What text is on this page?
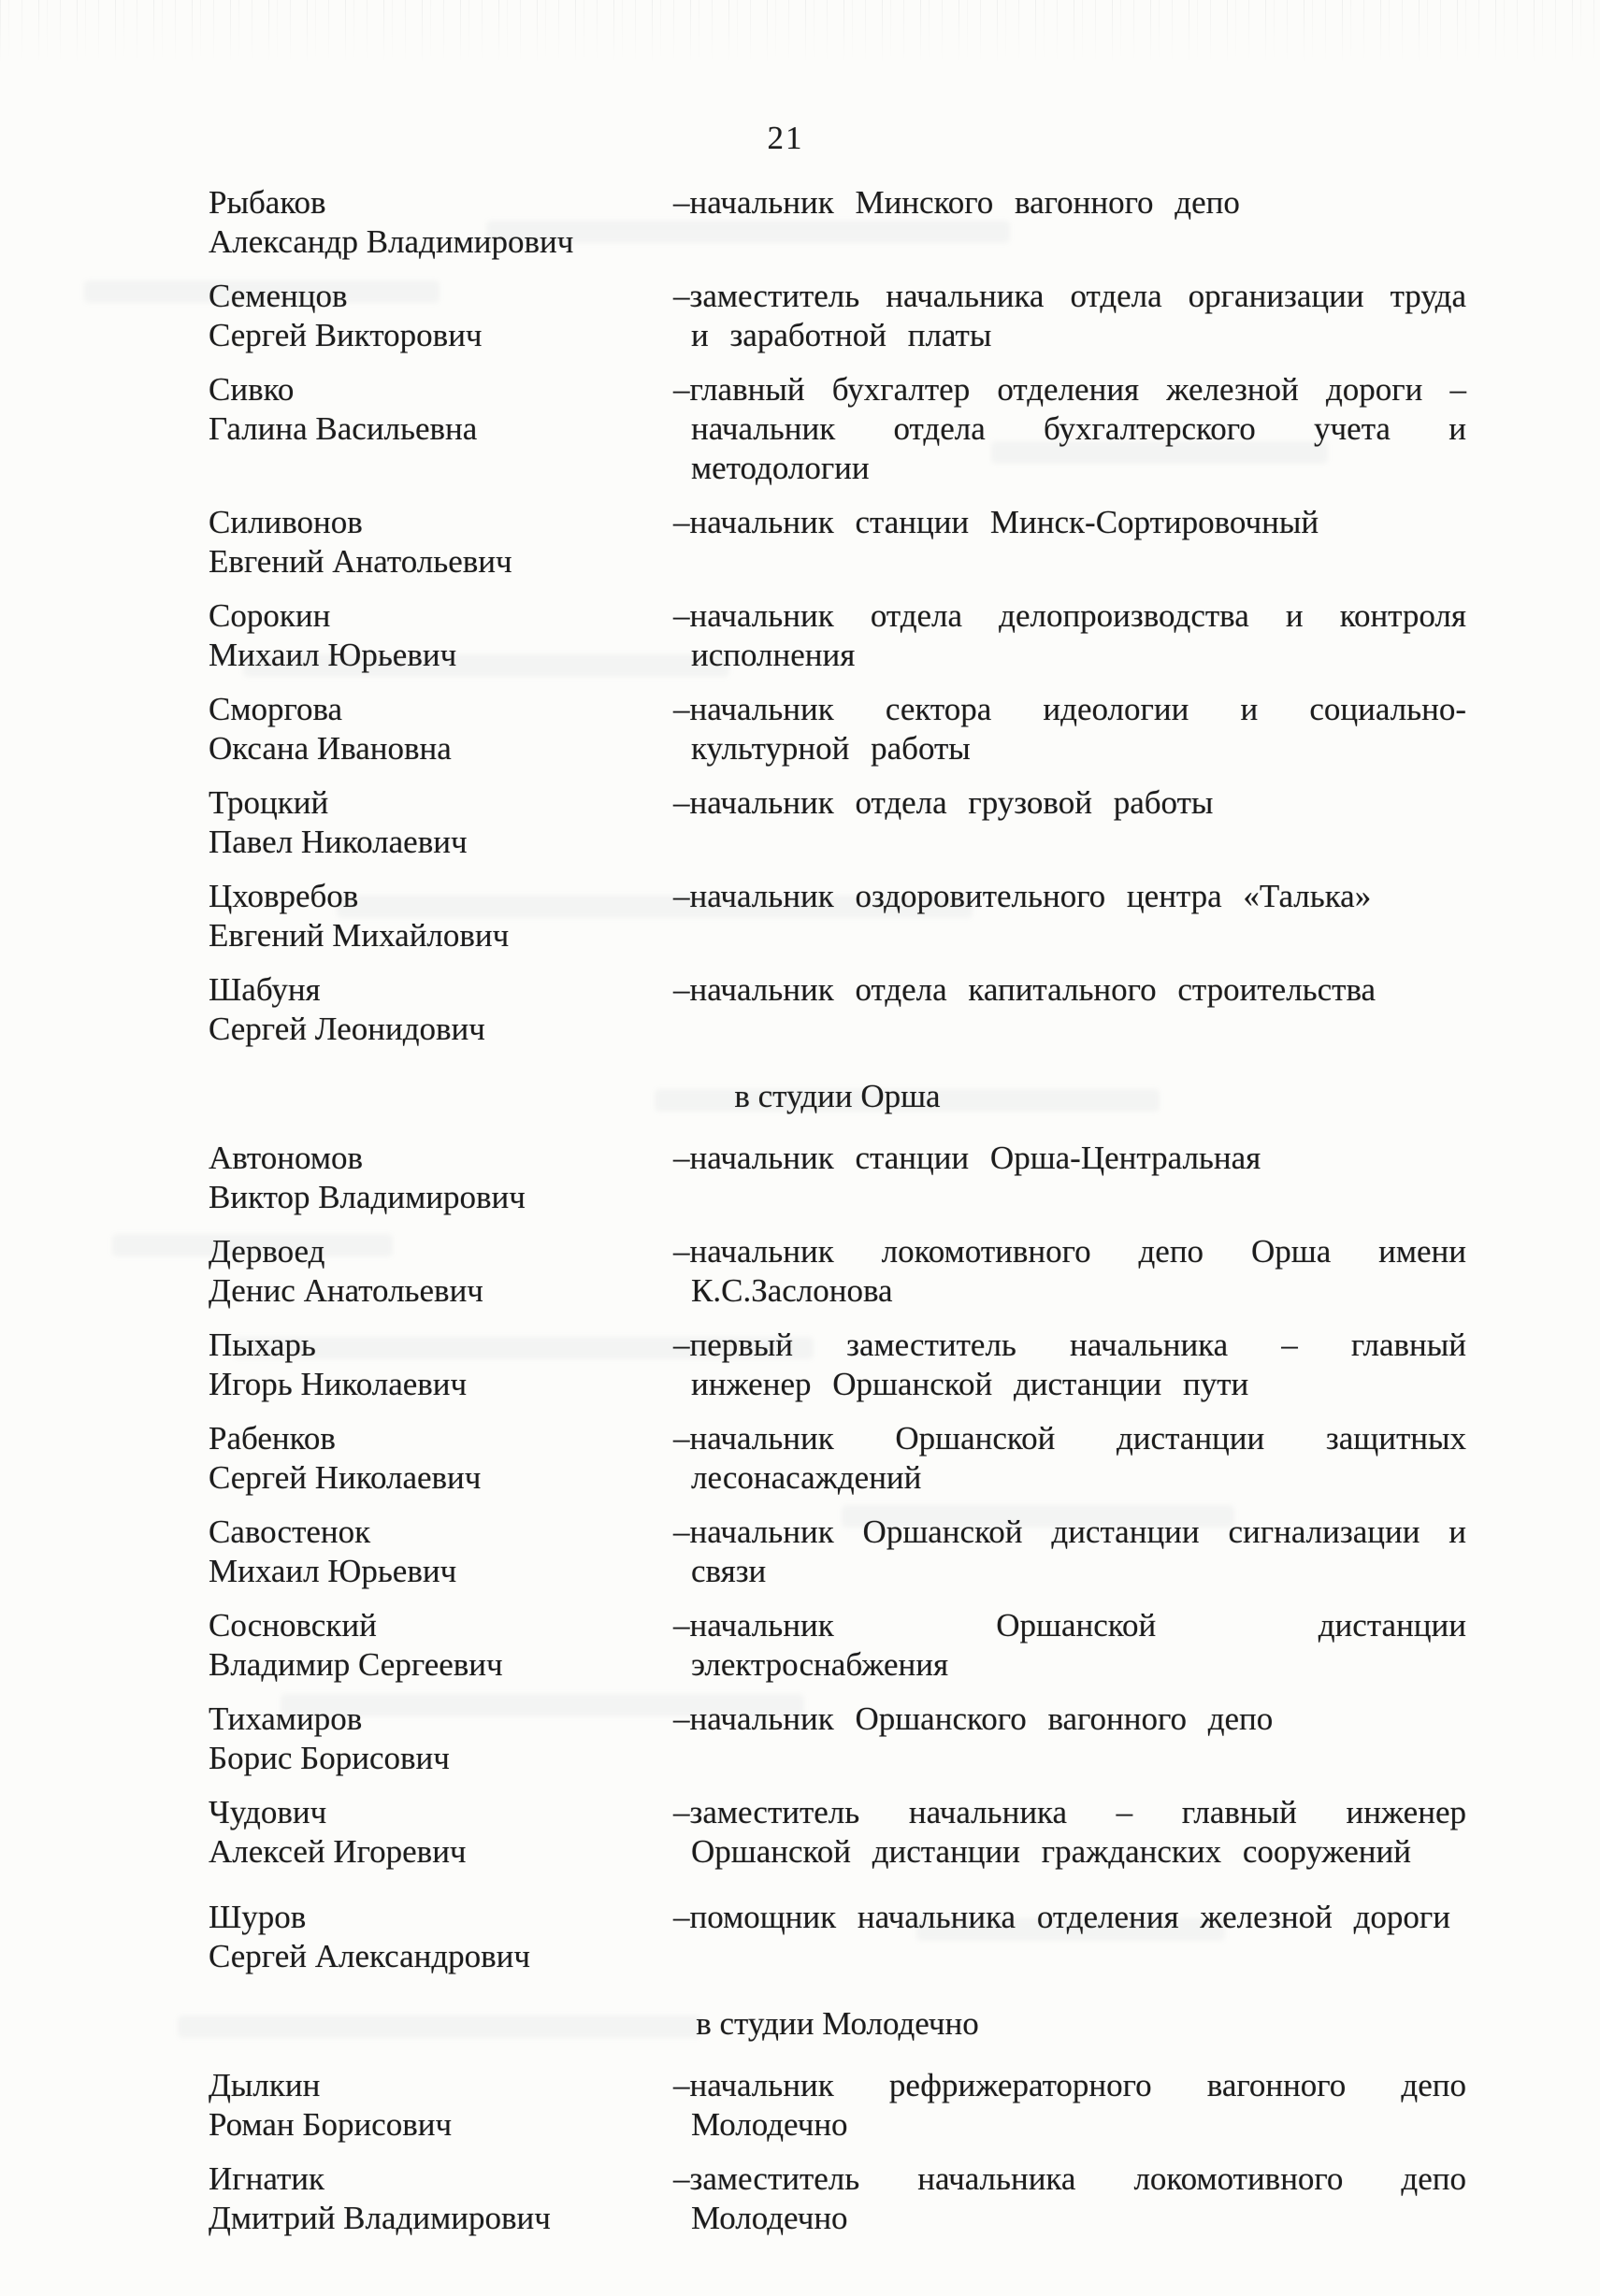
21
Рыбаков
Александр Владимирович
–начальник Минского вагонного депо
Семенцов
Сергей Викторович
–заместитель начальника отдела организации труда и заработной платы
Сивко
Галина Васильевна
–главный бухгалтер отделения железной дороги – начальник отдела бухгалтерского учета и методологии
Силивонов
Евгений Анатольевич
–начальник станции Минск-Сортировочный
Сорокин
Михаил Юрьевич
–начальник отдела делопроизводства и контроля исполнения
Сморгова
Оксана Ивановна
–начальник сектора идеологии и социально-культурной работы
Троцкий
Павел Николаевич
–начальник отдела грузовой работы
Цховребов
Евгений Михайлович
–начальник оздоровительного центра «Талька»
Шабуня
Сергей Леонидович
–начальник отдела капитального строительства
в студии Орша
Автономов
Виктор Владимирович
–начальник станции Орша-Центральная
Дервоед
Денис Анатольевич
–начальник локомотивного депо Орша имени К.С.Заслонова
Пыхарь
Игорь Николаевич
–первый заместитель начальника – главный инженер Оршанской дистанции пути
Рабенков
Сергей Николаевич
–начальник Оршанской дистанции защитных лесонасаждений
Савостенок
Михаил Юрьевич
–начальник Оршанской дистанции сигнализации и связи
Сосновский
Владимир Сергеевич
–начальник Оршанской дистанции электроснабжения
Тихамиров
Борис Борисович
–начальник Оршанского вагонного депо
Чудович
Алексей Игоревич
–заместитель начальника – главный инженер Оршанской дистанции гражданских сооружений
Шуров
Сергей Александрович
–помощник начальника отделения железной дороги
в студии Молодечно
Дылкин
Роман Борисович
–начальник рефрижераторного вагонного депо Молодечно
Игнатик
Дмитрий Владимирович
–заместитель начальника локомотивного депо Молодечно
